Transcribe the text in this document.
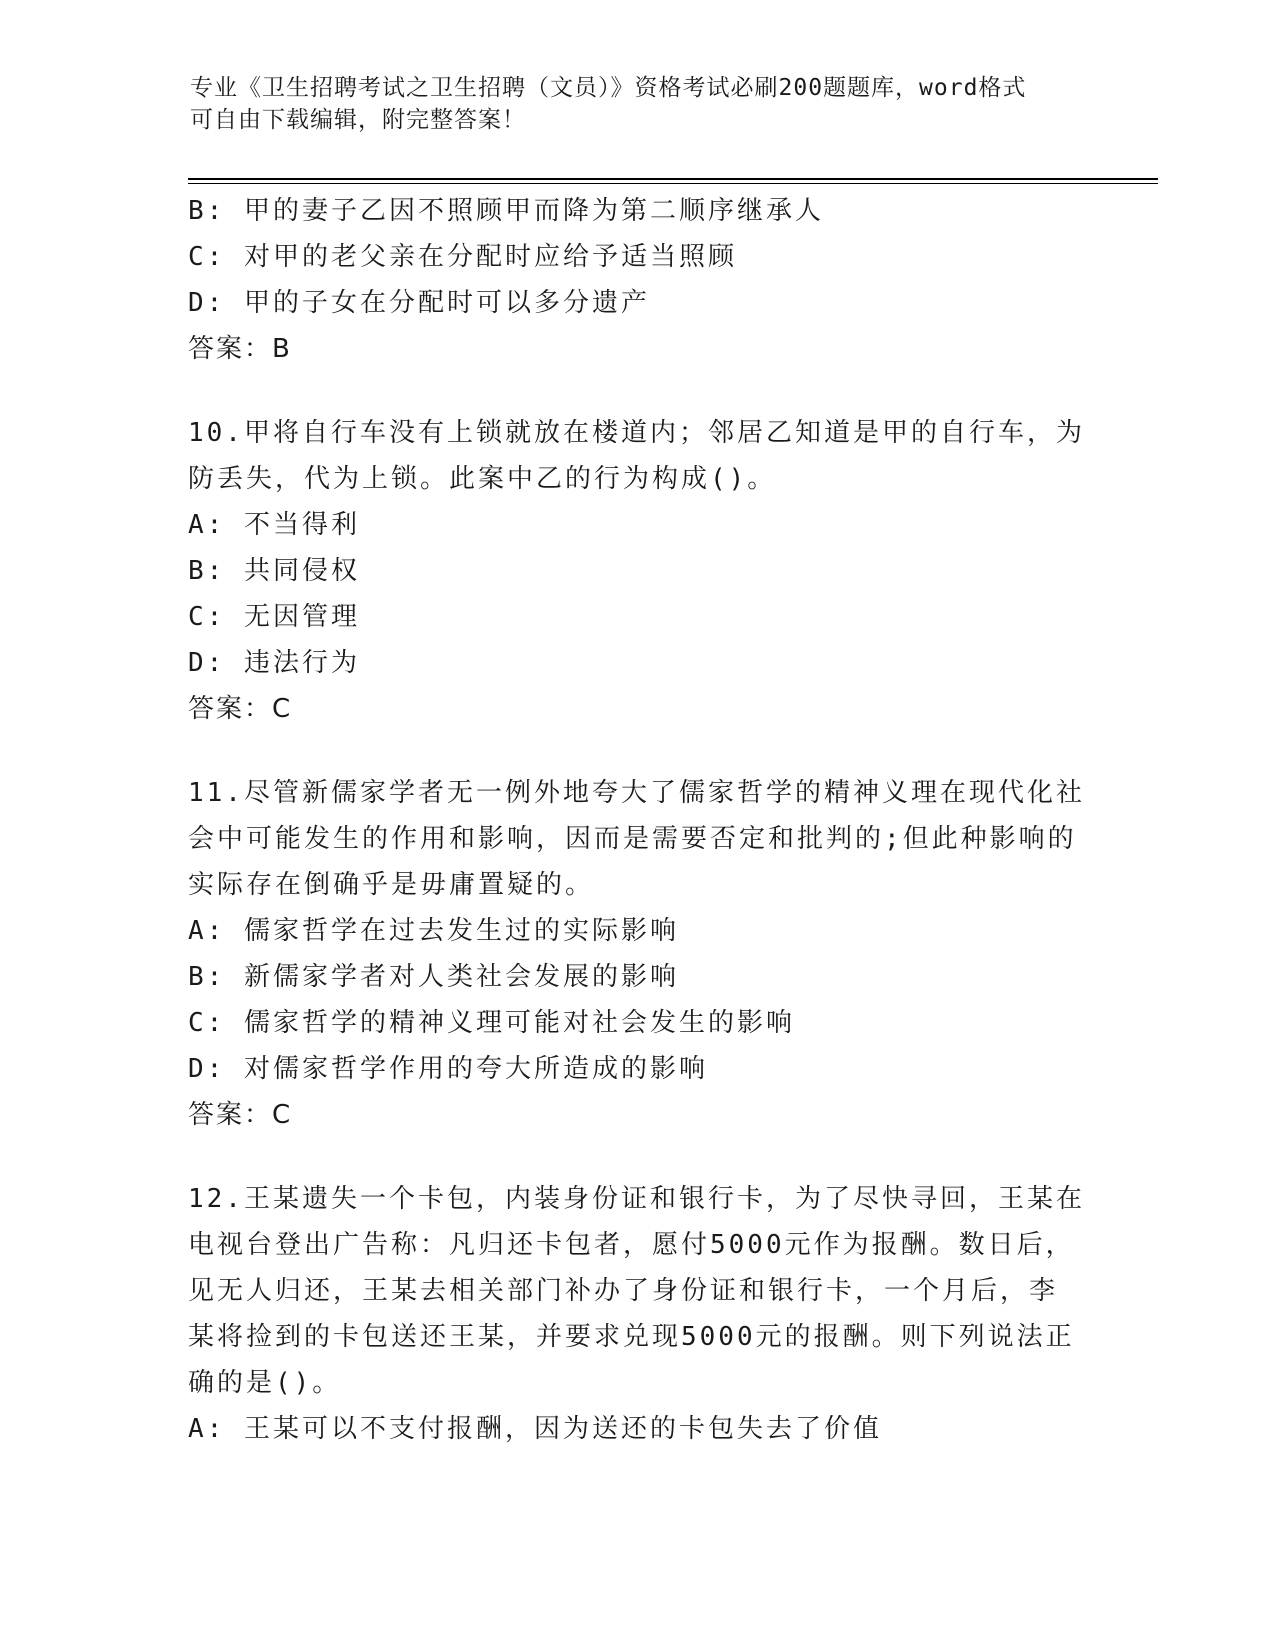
专业《卫生招聘考试之卫生招聘（文员）》资格考试必刷200题题库，word格式
可自由下载编辑，附完整答案！
B: 甲的妻子乙因不照顾甲而降为第二顺序继承人
C: 对甲的老父亲在分配时应给予适当照顾
D: 甲的子女在分配时可以多分遗产
答案：B
10.甲将自行车没有上锁就放在楼道内；邻居乙知道是甲的自行车，为
防丢失，代为上锁。此案中乙的行为构成()。
A: 不当得利
B: 共同侵权
C: 无因管理
D: 违法行为
答案：C
11.尽管新儒家学者无一例外地夸大了儒家哲学的精神义理在现代化社
会中可能发生的作用和影响，因而是需要否定和批判的;但此种影响的
实际存在倒确乎是毋庸置疑的。
A: 儒家哲学在过去发生过的实际影响
B: 新儒家学者对人类社会发展的影响
C: 儒家哲学的精神义理可能对社会发生的影响
D: 对儒家哲学作用的夸大所造成的影响
答案：C
12.王某遗失一个卡包，内装身份证和银行卡，为了尽快寻回，王某在
电视台登出广告称：凡归还卡包者，愿付5000元作为报酬。数日后，
见无人归还，王某去相关部门补办了身份证和银行卡，一个月后，李
某将捡到的卡包送还王某，并要求兑现5000元的报酬。则下列说法正
确的是()。
A: 王某可以不支付报酬，因为送还的卡包失去了价值
